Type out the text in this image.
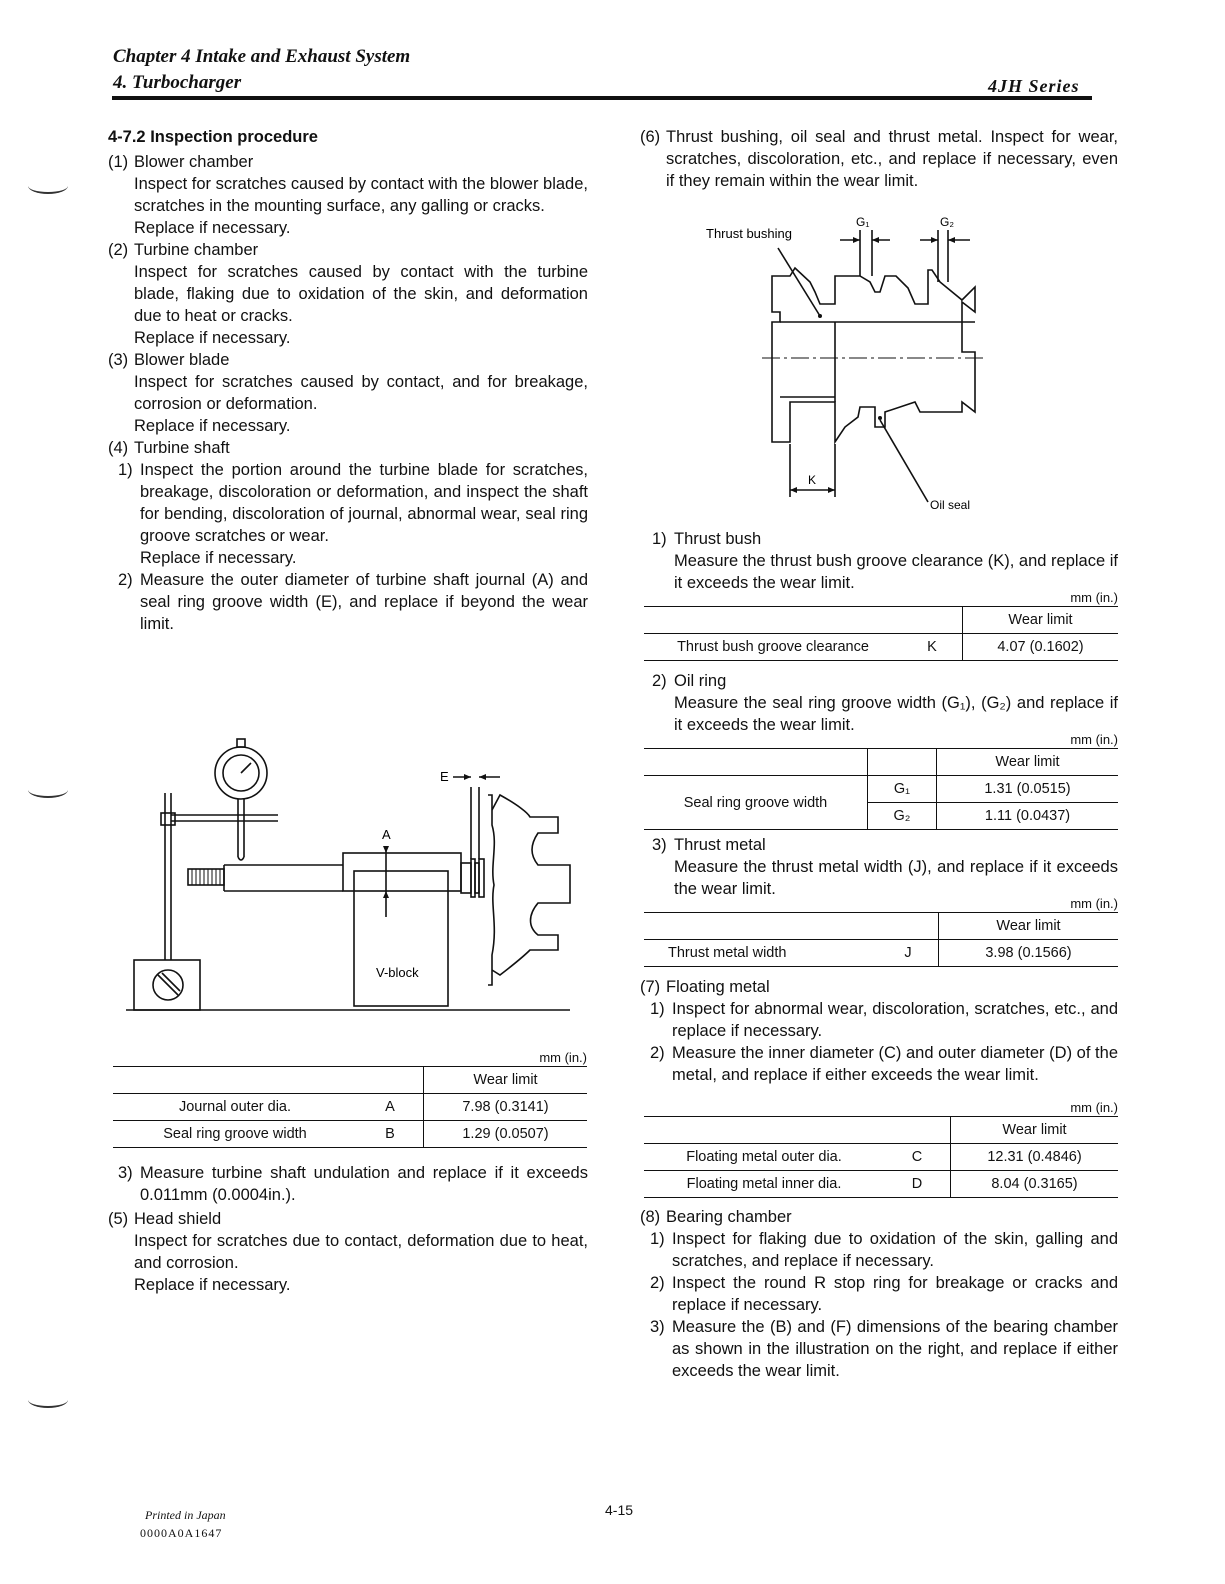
Chapter 4 Intake and Exhaust System
4. Turbocharger	4JH Series
4-7.2 Inspection procedure
(1) Blower chamber
Inspect for scratches caused by contact with the blower blade, scratches in the mounting surface, any galling or cracks.
Replace if necessary.
(2) Turbine chamber
Inspect for scratches caused by contact with the turbine blade, flaking due to oxidation of the skin, and deformation due to heat or cracks.
Replace if necessary.
(3) Blower blade
Inspect for scratches caused by contact, and for breakage, corrosion or deformation.
Replace if necessary.
(4) Turbine shaft
1) Inspect the portion around the turbine blade for scratches, breakage, discoloration or deformation, and inspect the shaft for bending, discoloration of journal, abnormal wear, seal ring groove scratches or wear.
Replace if necessary.
2) Measure the outer diameter of turbine shaft journal (A) and seal ring groove width (E), and replace if beyond the wear limit.
E
A
V-block
mm (in.)
		Wear limit
Journal outer dia.	A	7.98 (0.3141)
Seal ring groove width	B	1.29 (0.0507)
3) Measure turbine shaft undulation and replace if it exceeds 0.011mm (0.0004in.).
(5) Head shield
Inspect for scratches due to contact, deformation due to heat, and corrosion.
Replace if necessary.
(6) Thrust bushing, oil seal and thrust metal. Inspect for wear, scratches, discoloration, etc., and replace if necessary, even if they remain within the wear limit.
Thrust bushing
G₁	G₂
K
Oil seal
1) Thrust bush
Measure the thrust bush groove clearance (K), and replace if it exceeds the wear limit.
mm (in.)
		Wear limit
Thrust bush groove clearance	K	4.07 (0.1602)
2) Oil ring
Measure the seal ring groove width (G₁), (G₂) and replace if it exceeds the wear limit.
mm (in.)
		Wear limit
Seal ring groove width	G₁	1.31 (0.0515)
	G₂	1.11 (0.0437)
3) Thrust metal
Measure the thrust metal width (J), and replace if it exceeds the wear limit.
mm (in.)
		Wear limit
Thrust metal width	J	3.98 (0.1566)
(7) Floating metal
1) Inspect for abnormal wear, discoloration, scratches, etc., and replace if necessary.
2) Measure the inner diameter (C) and outer diameter (D) of the metal, and replace if either exceeds the wear limit.
mm (in.)
		Wear limit
Floating metal outer dia.	C	12.31 (0.4846)
Floating metal inner dia.	D	8.04 (0.3165)
(8) Bearing chamber
1) Inspect for flaking due to oxidation of the skin, galling and scratches, and replace if necessary.
2) Inspect the round R stop ring for breakage or cracks and replace if necessary.
3) Measure the (B) and (F) dimensions of the bearing chamber as shown in the illustration on the right, and replace if either exceeds the wear limit.
4-15
Printed in Japan
0000A0A1647
